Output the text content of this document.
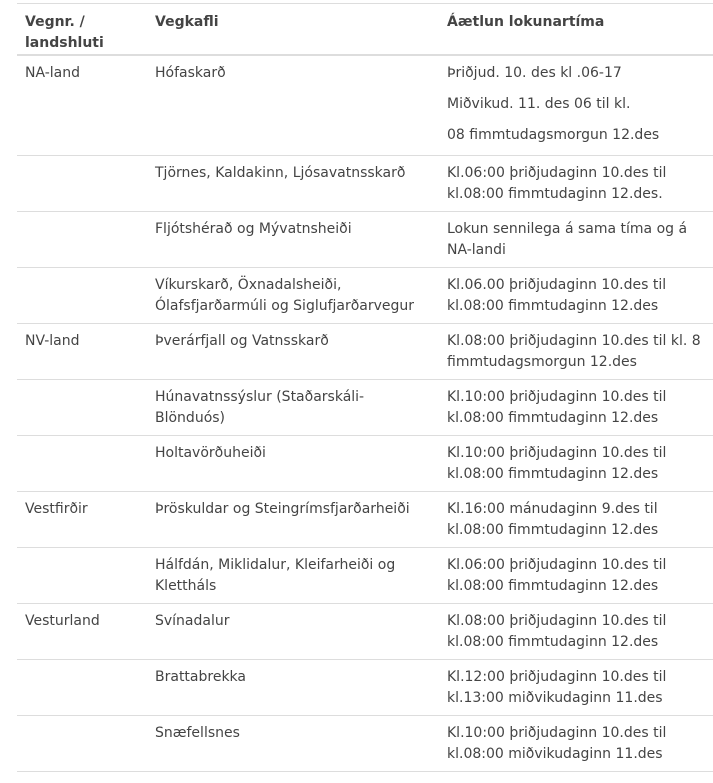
Vegnr. / landshluti	Vegkafli	Áætlun lokunartíma
NA-land	Hófaskarð	Þriðjud. 10. des kl .06-17
Miðvikud. 11. des 06 til kl.
08 fimmtudagsmorgun 12.des

	Tjörnes, Kaldakinn, Ljósavatnsskarð	Kl.06:00 þriðjudaginn 10.des til kl.08:00 fimmtudaginn 12.des.

	Fljótshérað og Mývatnsheiði	Lokun sennilega á sama tíma og á NA-landi

	Víkurskarð, Öxnadalsheiði, Ólafsfjarðarmúli og Siglufjarðarvegur	Kl.06.00 þriðjudaginn 10.des til kl.08:00 fimmtudaginn 12.des

NV-land	Þverárfjall og Vatnsskarð	Kl.08:00 þriðjudaginn 10.des til kl. 8 fimmtudagsmorgun 12.des

	Húnavatnssýslur (Staðarskáli-Blönduós)	Kl.10:00 þriðjudaginn 10.des til kl.08:00 fimmtudaginn 12.des

	Holtavörðuheiði	Kl.10:00 þriðjudaginn 10.des til kl.08:00 fimmtudaginn 12.des

Vestfirðir	Þröskuldar og Steingrímsfjarðarheiði	Kl.16:00 mánudaginn 9.des til kl.08:00 fimmtudaginn 12.des

	Hálfdán, Miklidalur, Kleifarheiði og Klettháls	Kl.06:00 þriðjudaginn 10.des til kl.08:00 fimmtudaginn 12.des

Vesturland	Svínadalur	Kl.08:00 þriðjudaginn 10.des til kl.08:00 fimmtudaginn 12.des

	Brattabrekka	Kl.12:00 þriðjudaginn 10.des til kl.13:00 miðvikudaginn 11.des

	Snæfellsnes	Kl.10:00 þriðjudaginn 10.des til kl.08:00 miðvikudaginn 11.des
